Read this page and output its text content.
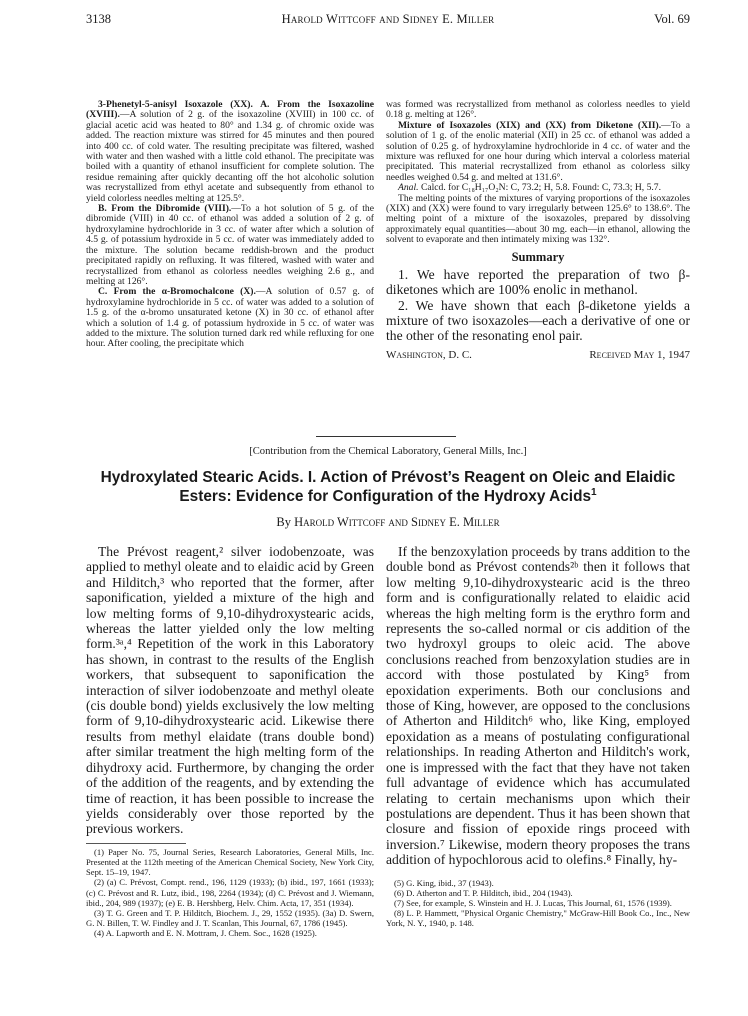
3138	Harold Wittcoff and Sidney E. Miller	Vol. 69

3-Phenetyl-5-anisyl Isoxazole (XX). A. From the Isoxazoline (XVIII).—A solution of 2 g. of the isoxazoline (XVIII) in 100 cc. of glacial acetic acid was heated to 80° and 1.34 g. of chromic oxide was added. The reaction mixture was stirred for 45 minutes and then poured into 400 cc. of cold water. The resulting precipitate was filtered, washed with water and then washed with a little cold ethanol. The precipitate was boiled with a quantity of ethanol insufficient for complete solution. The residue remaining after quickly decanting off the hot alcoholic solution was recrystallized from ethyl acetate and subsequently from ethanol to yield colorless needles melting at 125.5°.

B. From the Dibromide (VIII).—To a hot solution of 5 g. of the dibromide (VIII) in 40 cc. of ethanol was added a solution of 2 g. of hydroxylamine hydrochloride in 3 cc. of water after which a solution of 4.5 g. of potassium hydroxide in 5 cc. of water was immediately added to the mixture. The solution became reddish-brown and the product precipitated rapidly on refluxing. It was filtered, washed with water and recrystallized from ethanol as colorless needles weighing 2.6 g., and melting at 126°.

C. From the α-Bromochalcone (X).—A solution of 0.57 g. of hydroxylamine hydrochloride in 5 cc. of water was added to a solution of 1.5 g. of the α-bromo unsaturated ketone (X) in 30 cc. of ethanol after which a solution of 1.4 g. of potassium hydroxide in 5 cc. of water was added to the mixture. The solution turned dark red while refluxing for one hour. After cooling, the precipitate which

was formed was recrystallized from methanol as colorless needles to yield 0.18 g. melting at 126°.

Mixture of Isoxazoles (XIX) and (XX) from Diketone (XII).—To a solution of 1 g. of the enolic material (XII) in 25 cc. of ethanol was added a solution of 0.25 g. of hydroxylamine hydrochloride in 4 cc. of water and the mixture was refluxed for one hour during which interval a colorless material precipitated. This material recrystallized from ethanol as colorless silky needles weighed 0.54 g. and melted at 131.6°.

Anal. Calcd. for C₁₈H₁₇O₂N: C, 73.2; H, 5.8. Found: C, 73.3; H, 5.7.

The melting points of the mixtures of varying proportions of the isoxazoles (XIX) and (XX) were found to vary irregularly between 125.6° to 138.6°. The melting point of a mixture of the isoxazoles, prepared by dissolving approximately equal quantities—about 30 mg. each—in ethanol, allowing the solvent to evaporate and then intimately mixing was 132°.

Summary

1. We have reported the preparation of two β-diketones which are 100% enolic in methanol.

2. We have shown that each β-diketone yields a mixture of two isoxazoles—each a derivative of one or the other of the resonating enol pair.

Washington, D. C.	Received May 1, 1947
[Contribution from the Chemical Laboratory, General Mills, Inc.]
Hydroxylated Stearic Acids. I. Action of Prévost’s Reagent on Oleic and Elaidic
Esters: Evidence for Configuration of the Hydroxy Acids$^1$
By Harold Wittcoff and Sidney E. Miller

The Prévost reagent,² silver iodobenzoate, was applied to methyl oleate and to elaidic acid by Green and Hilditch,³ who reported that the former, after saponification, yielded a mixture of the high and low melting forms of 9,10-dihydroxystearic acids, whereas the latter yielded only the low melting form.³ᵃ,⁴ Repetition of the work in this Laboratory has shown, in contrast to the results of the English workers, that subsequent to saponification the interaction of silver iodobenzoate and methyl oleate (cis double bond) yields exclusively the low melting form of 9,10-dihydroxystearic acid. Likewise there results from methyl elaidate (trans double bond) after similar treatment the high melting form of the dihydroxy acid. Furthermore, by changing the order of the addition of the reagents, and by extending the time of reaction, it has been possible to increase the yields considerably over those reported by the previous workers.

(1) Paper No. 75, Journal Series, Research Laboratories, General Mills, Inc. Presented at the 112th meeting of the American Chemical Society, New York City, Sept. 15–19, 1947.

(2) (a) C. Prévost, Compt. rend., 196, 1129 (1933); (b) ibid., 197, 1661 (1933); (c) C. Prévost and R. Lutz, ibid., 198, 2264 (1934); (d) C. Prévost and J. Wiemann, ibid., 204, 989 (1937); (e) E. B. Hershberg, Helv. Chim. Acta, 17, 351 (1934).

(3) T. G. Green and T. P. Hilditch, Biochem. J., 29, 1552 (1935). (3a) D. Swern, G. N. Billen, T. W. Findley and J. T. Scanlan, This Journal, 67, 1786 (1945).

(4) A. Lapworth and E. N. Mottram, J. Chem. Soc., 1628 (1925).

If the benzoxylation proceeds by trans addition to the double bond as Prévost contends²ᵇ then it follows that low melting 9,10-dihydroxystearic acid is the threo form and is configurationally related to elaidic acid whereas the high melting form is the erythro form and represents the so-called normal or cis addition of the two hydroxyl groups to oleic acid. The above conclusions reached from benzoxylation studies are in accord with those postulated by King⁵ from epoxidation experiments. Both our conclusions and those of King, however, are opposed to the conclusions of Atherton and Hilditch⁶ who, like King, employed epoxidation as a means of postulating configurational relationships. In reading Atherton and Hilditch's work, one is impressed with the fact that they have not taken full advantage of evidence which has accumulated relating to certain mechanisms upon which their postulations are dependent. Thus it has been shown that closure and fission of epoxide rings proceed with inversion.⁷ Likewise, modern theory proposes the trans addition of hypochlorous acid to olefins.⁸ Finally, hy-

(5) G. King, ibid., 37 (1943).

(6) D. Atherton and T. P. Hilditch, ibid., 204 (1943).

(7) See, for example, S. Winstein and H. J. Lucas, This Journal, 61, 1576 (1939).

(8) L. P. Hammett, "Physical Organic Chemistry," McGraw-Hill Book Co., Inc., New York, N. Y., 1940, p. 148.
